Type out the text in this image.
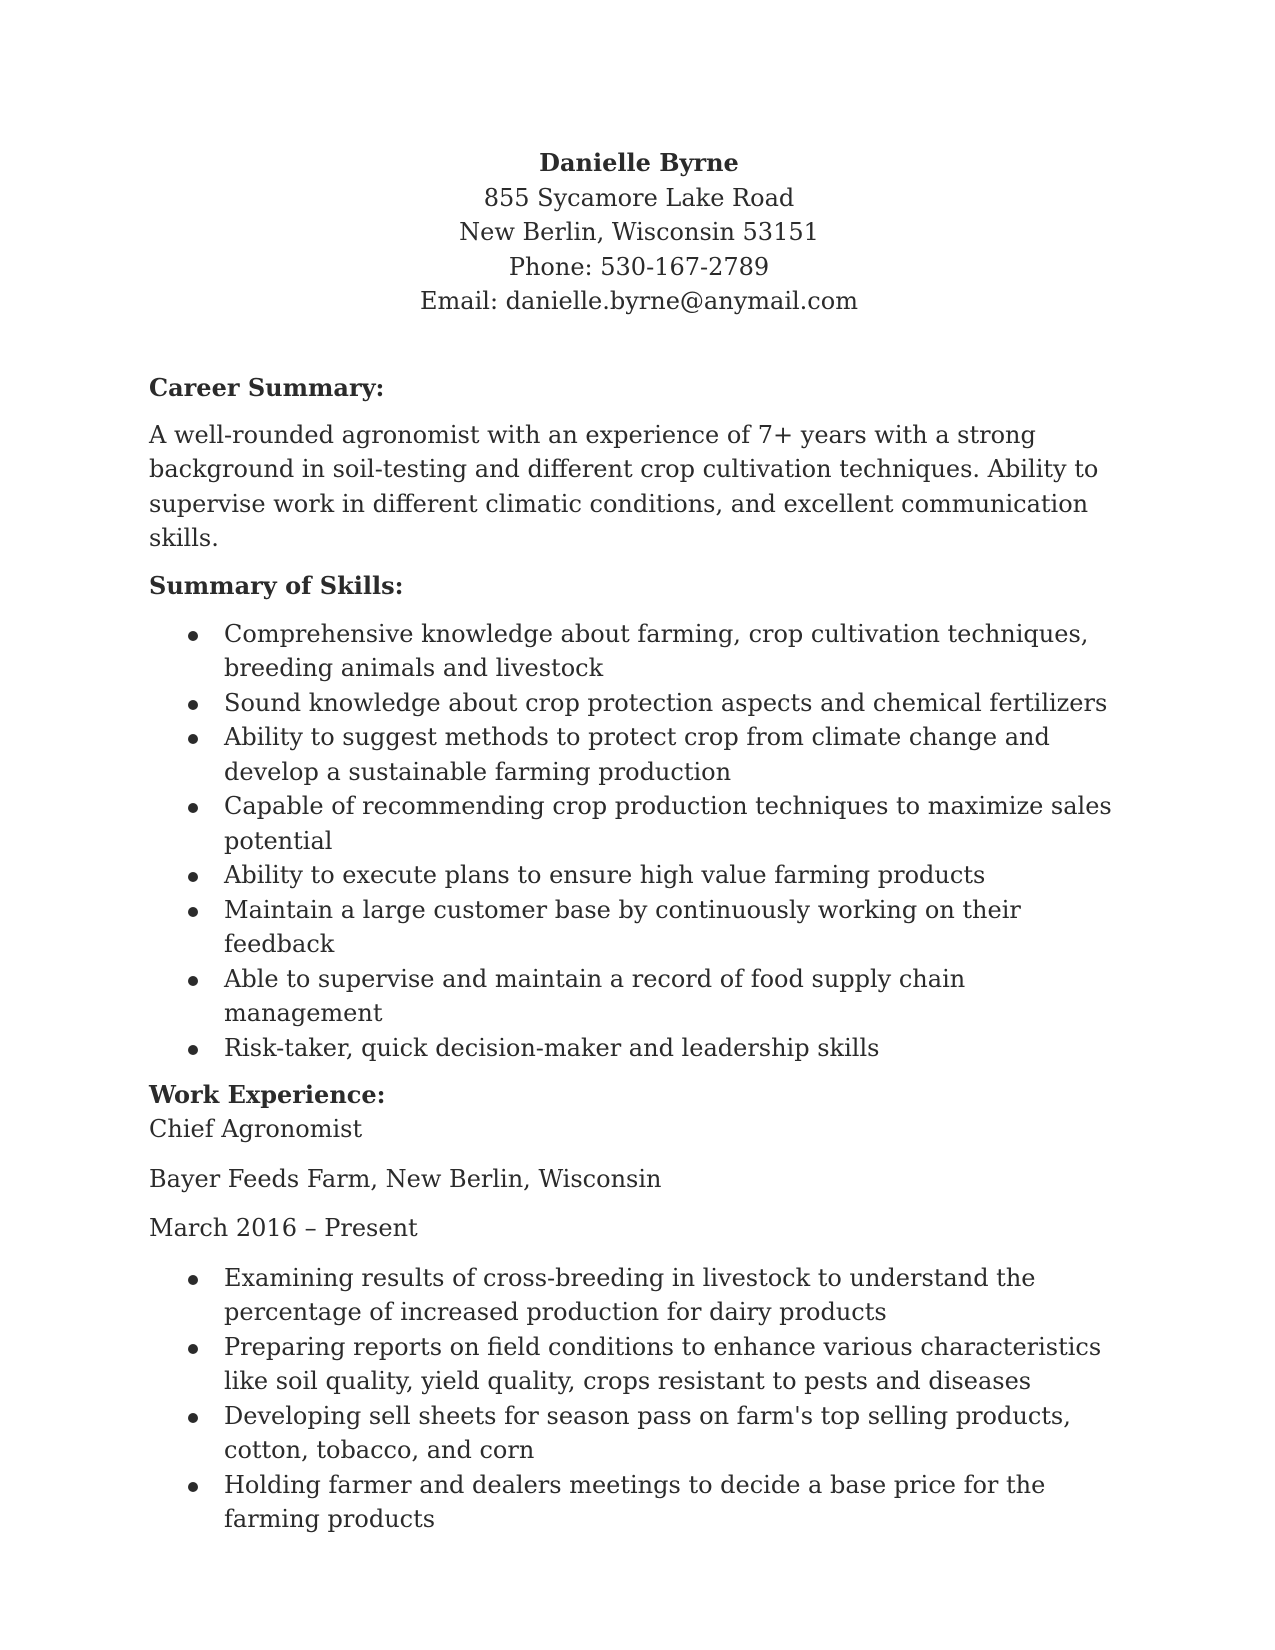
Danielle Byrne
855 Sycamore Lake Road
New Berlin, Wisconsin 53151
Phone: 530-167-2789
Email: danielle.byrne@anymail.com
Career Summary:
A well-rounded agronomist with an experience of 7+ years with a strong background in soil-testing and different crop cultivation techniques. Ability to supervise work in different climatic conditions, and excellent communication skills.
Summary of Skills:
Comprehensive knowledge about farming, crop cultivation techniques, breeding animals and livestock
Sound knowledge about crop protection aspects and chemical fertilizers
Ability to suggest methods to protect crop from climate change and develop a sustainable farming production
Capable of recommending crop production techniques to maximize sales potential
Ability to execute plans to ensure high value farming products
Maintain a large customer base by continuously working on their feedback
Able to supervise and maintain a record of food supply chain management
Risk-taker, quick decision-maker and leadership skills
Work Experience:
Chief Agronomist
Bayer Feeds Farm, New Berlin, Wisconsin
March 2016 – Present
Examining results of cross-breeding in livestock to understand the percentage of increased production for dairy products
Preparing reports on field conditions to enhance various characteristics like soil quality, yield quality, crops resistant to pests and diseases
Developing sell sheets for season pass on farm's top selling products, cotton, tobacco, and corn
Holding farmer and dealers meetings to decide a base price for the farming products
